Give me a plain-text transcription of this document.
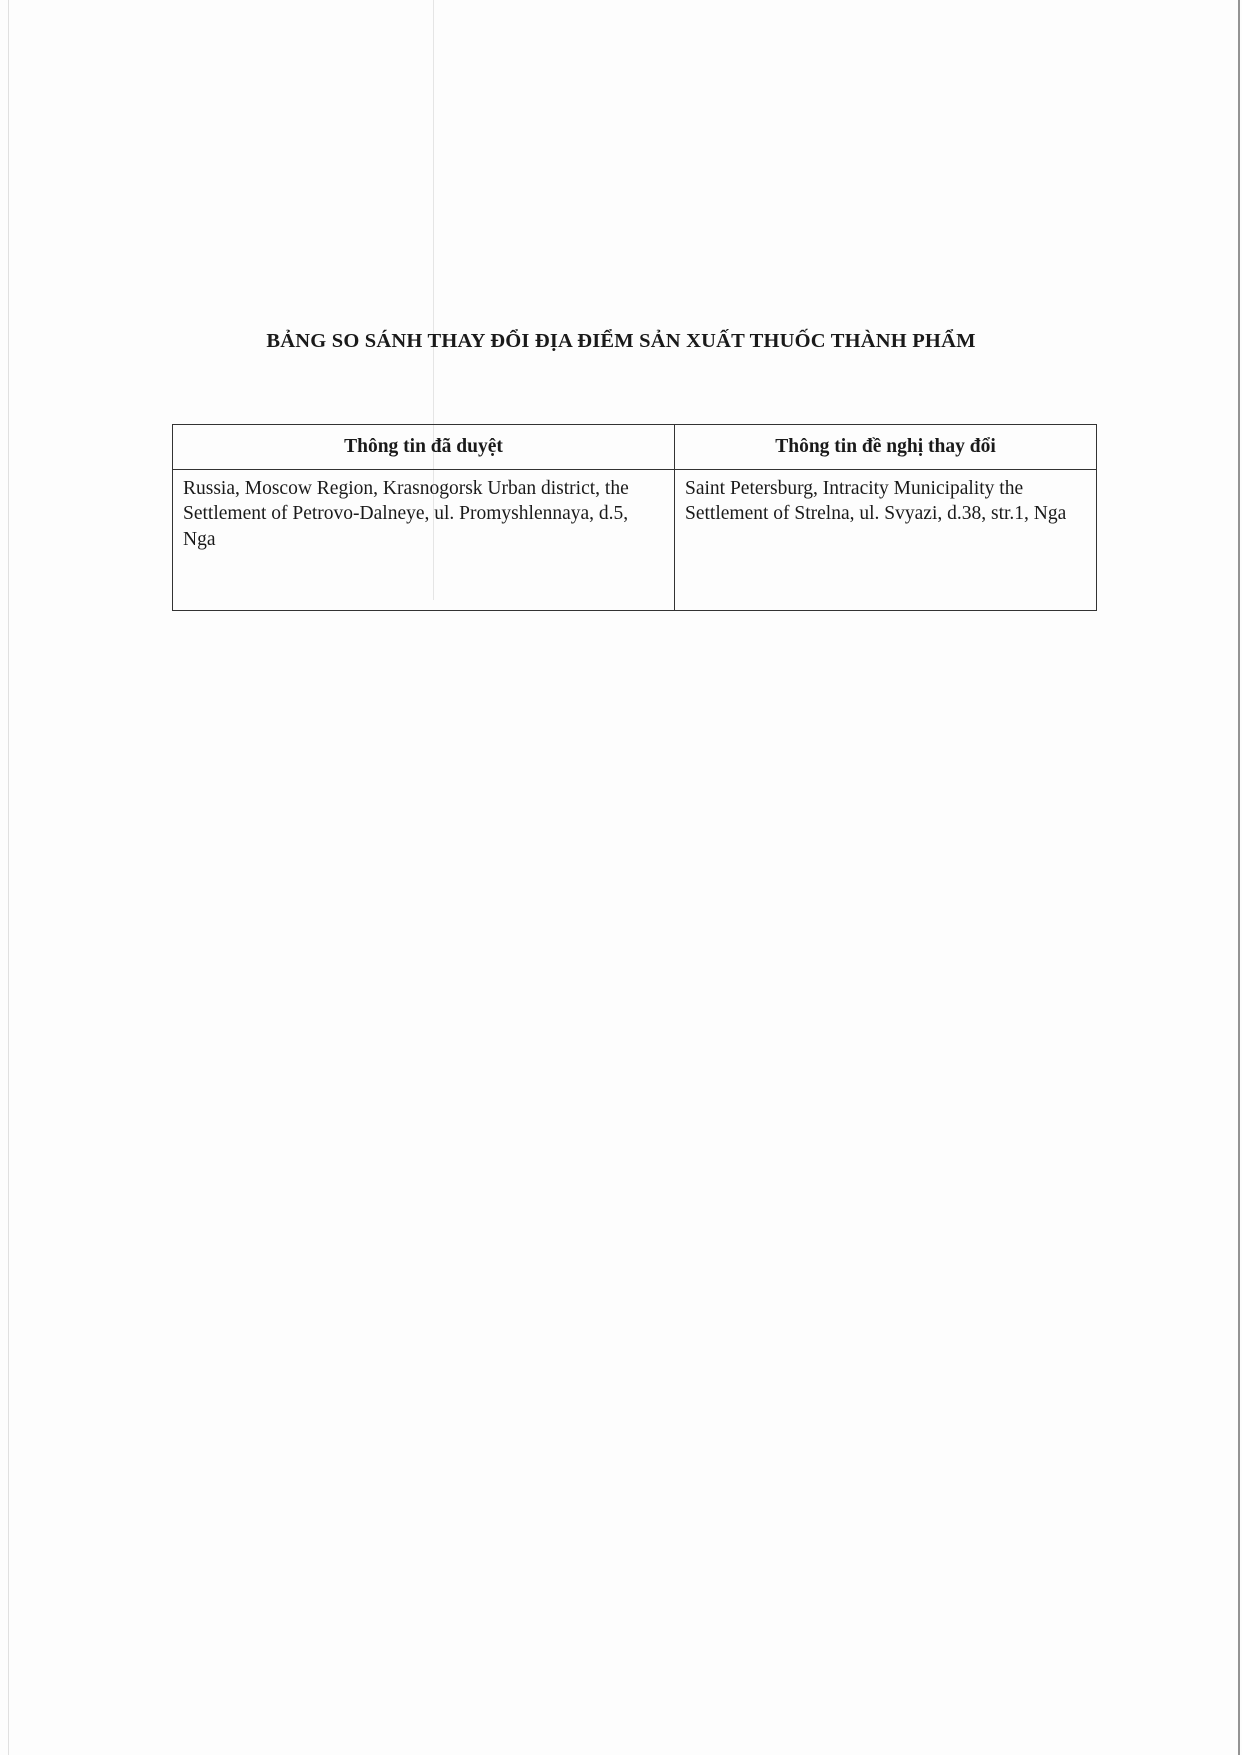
BẢNG SO SÁNH THAY ĐỔI ĐỊA ĐIỂM SẢN XUẤT THUỐC THÀNH PHẨM
Thông tin đã duyệt	Thông tin đề nghị thay đổi
Russia, Moscow Region, Krasnogorsk Urban district, the Settlement of Petrovo-Dalneye, ul. Promyshlennaya, d.5, Nga	Saint Petersburg, Intracity Municipality the Settlement of Strelna, ul. Svyazi, d.38, str.1, Nga
